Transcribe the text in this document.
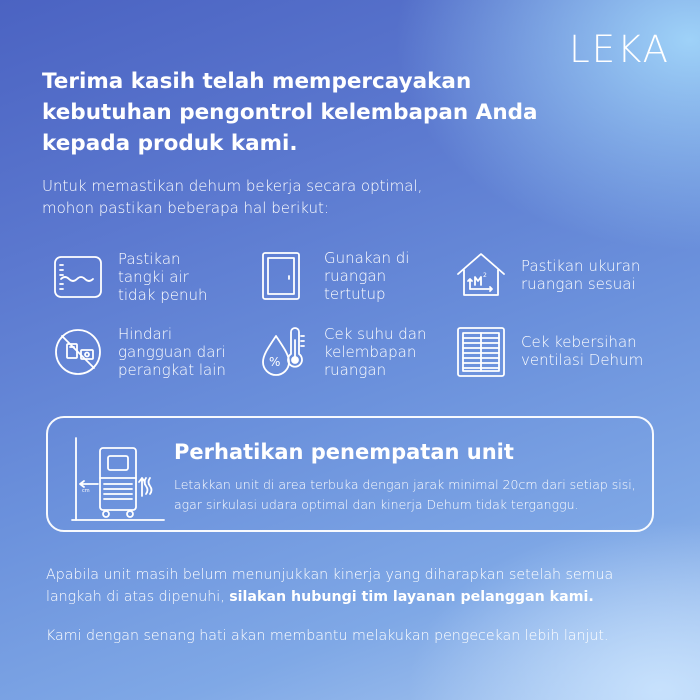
LEKA
Terima kasih telah mempercayakan kebutuhan pengontrol kelembapan Anda kepada produk kami.
Untuk memastikan dehum bekerja secara optimal, mohon pastikan beberapa hal berikut:
Pastikan
tangki air
tidak penuh
Gunakan di
ruangan
tertutup
2
Pastikan ukuran
ruangan sesuai
Hindari
gangguan dari
perangkat lain	%
Cek suhu dan
kelembapan
ruangan
Cek kebersihan
ventilasi Dehum
cm
Perhatikan penempatan unit
Letakkan unit di area terbuka dengan jarak minimal 20cm dari setiap sisi, agar sirkulasi udara optimal dan kinerja Dehum tidak terganggu.
Apabila unit masih belum menunjukkan kinerja yang diharapkan setelah semua langkah di atas dipenuhi, silakan hubungi tim layanan pelanggan kami.
Kami dengan senang hati akan membantu melakukan pengecekan lebih lanjut.
